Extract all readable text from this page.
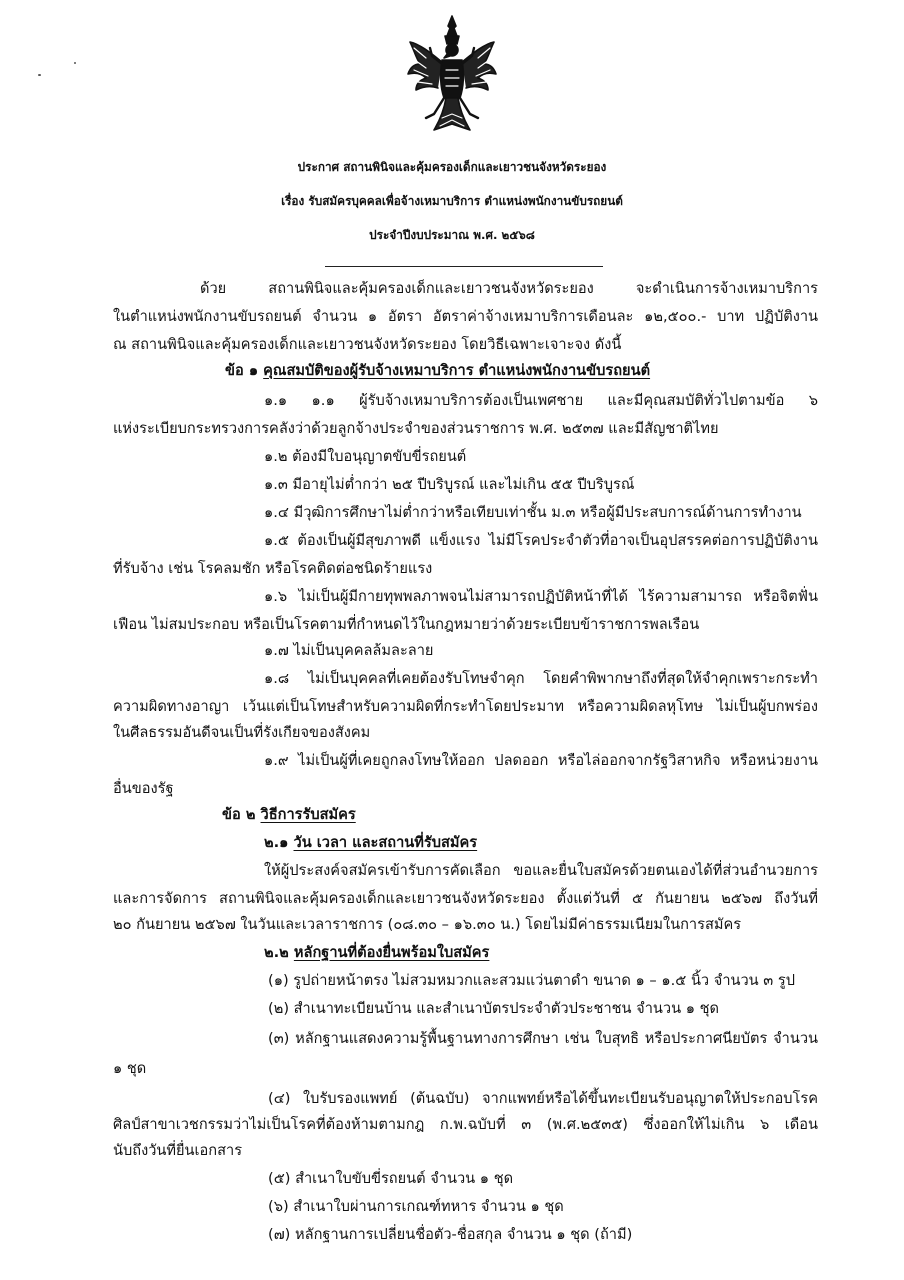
ประกาศ สถานพินิจและคุ้มครองเด็กและเยาวชนจังหวัดระยอง
เรื่อง รับสมัครบุคคลเพื่อจ้างเหมาบริการ ตำแหน่งพนักงานขับรถยนต์
ประจำปีงบประมาณ พ.ศ. ๒๕๖๘
ด้วย สถานพินิจและคุ้มครองเด็กและเยาวชนจังหวัดระยอง จะดำเนินการจ้างเหมาบริการ
ในตำแหน่งพนักงานขับรถยนต์ จำนวน ๑ อัตรา อัตราค่าจ้างเหมาบริการเดือนละ ๑๒,๕๐๐.- บาท ปฏิบัติงาน
ณ สถานพินิจและคุ้มครองเด็กและเยาวชนจังหวัดระยอง โดยวิธีเฉพาะเจาะจง ดังนี้
ข้อ ๑ คุณสมบัติของผู้รับจ้างเหมาบริการ ตำแหน่งพนักงานขับรถยนต์
๑.๑ ๑.๑ ผู้รับจ้างเหมาบริการต้องเป็นเพศชาย และมีคุณสมบัติทั่วไปตามข้อ ๖
แห่งระเบียบกระทรวงการคลังว่าด้วยลูกจ้างประจำของส่วนราชการ พ.ศ. ๒๕๓๗ และมีสัญชาติไทย
๑.๒ ต้องมีใบอนุญาตขับขี่รถยนต์
๑.๓ มีอายุไม่ต่ำกว่า ๒๕ ปีบริบูรณ์ และไม่เกิน ๕๕ ปีบริบูรณ์
๑.๔ มีวุฒิการศึกษาไม่ต่ำกว่าหรือเทียบเท่าชั้น ม.๓ หรือผู้มีประสบการณ์ด้านการทำงาน
๑.๕ ต้องเป็นผู้มีสุขภาพดี แข็งแรง ไม่มีโรคประจำตัวที่อาจเป็นอุปสรรคต่อการปฏิบัติงาน
ที่รับจ้าง เช่น โรคลมชัก หรือโรคติดต่อชนิดร้ายแรง
๑.๖ ไม่เป็นผู้มีกายทุพพลภาพจนไม่สามารถปฏิบัติหน้าที่ได้ ไร้ความสามารถ หรือจิตฟั่น
เฟือน ไม่สมประกอบ หรือเป็นโรคตามที่กำหนดไว้ในกฎหมายว่าด้วยระเบียบข้าราชการพลเรือน
๑.๗ ไม่เป็นบุคคลล้มละลาย
๑.๘ ไม่เป็นบุคคลที่เคยต้องรับโทษจำคุก โดยคำพิพากษาถึงที่สุดให้จำคุกเพราะกระทำ
ความผิดทางอาญา เว้นแต่เป็นโทษสำหรับความผิดที่กระทำโดยประมาท หรือความผิดลหุโทษ ไม่เป็นผู้บกพร่อง
ในศีลธรรมอันดีจนเป็นที่รังเกียจของสังคม
๑.๙ ไม่เป็นผู้ที่เคยถูกลงโทษให้ออก ปลดออก หรือไล่ออกจากรัฐวิสาหกิจ หรือหน่วยงาน
อื่นของรัฐ
ข้อ ๒ วิธีการรับสมัคร
๒.๑ วัน เวลา และสถานที่รับสมัคร
ให้ผู้ประสงค์จสมัครเข้ารับการคัดเลือก ขอและยื่นใบสมัครด้วยตนเองได้ที่ส่วนอำนวยการ
และการจัดการ สถานพินิจและคุ้มครองเด็กและเยาวชนจังหวัดระยอง ตั้งแต่วันที่ ๕ กันยายน ๒๕๖๗ ถึงวันที่
๒๐ กันยายน ๒๕๖๗ ในวันและเวลาราชการ (๐๘.๓๐ – ๑๖.๓๐ น.) โดยไม่มีค่าธรรมเนียมในการสมัคร
๒.๒ หลักฐานที่ต้องยื่นพร้อมใบสมัคร
(๑) รูปถ่ายหน้าตรง ไม่สวมหมวกและสวมแว่นตาดำ ขนาด ๑ – ๑.๕ นิ้ว จำนวน ๓ รูป
(๒) สำเนาทะเบียนบ้าน และสำเนาบัตรประจำตัวประชาชน จำนวน ๑ ชุด
(๓) หลักฐานแสดงความรู้พื้นฐานทางการศึกษา เช่น ใบสุทธิ หรือประกาศนียบัตร จำนวน
๑ ชุด
(๔) ใบรับรองแพทย์ (ต้นฉบับ) จากแพทย์หรือได้ขึ้นทะเบียนรับอนุญาตให้ประกอบโรค
ศิลป์สาขาเวชกรรมว่าไม่เป็นโรคที่ต้องห้ามตามกฎ ก.พ.ฉบับที่ ๓ (พ.ศ.๒๕๓๕) ซึ่งออกให้ไม่เกิน ๖ เดือน
นับถึงวันที่ยื่นเอกสาร
(๕) สำเนาใบขับขี่รถยนต์ จำนวน ๑ ชุด
(๖) สำเนาใบผ่านการเกณฑ์ทหาร จำนวน ๑ ชุด
(๗) หลักฐานการเปลี่ยนชื่อตัว-ชื่อสกุล จำนวน ๑ ชุด (ถ้ามี)
